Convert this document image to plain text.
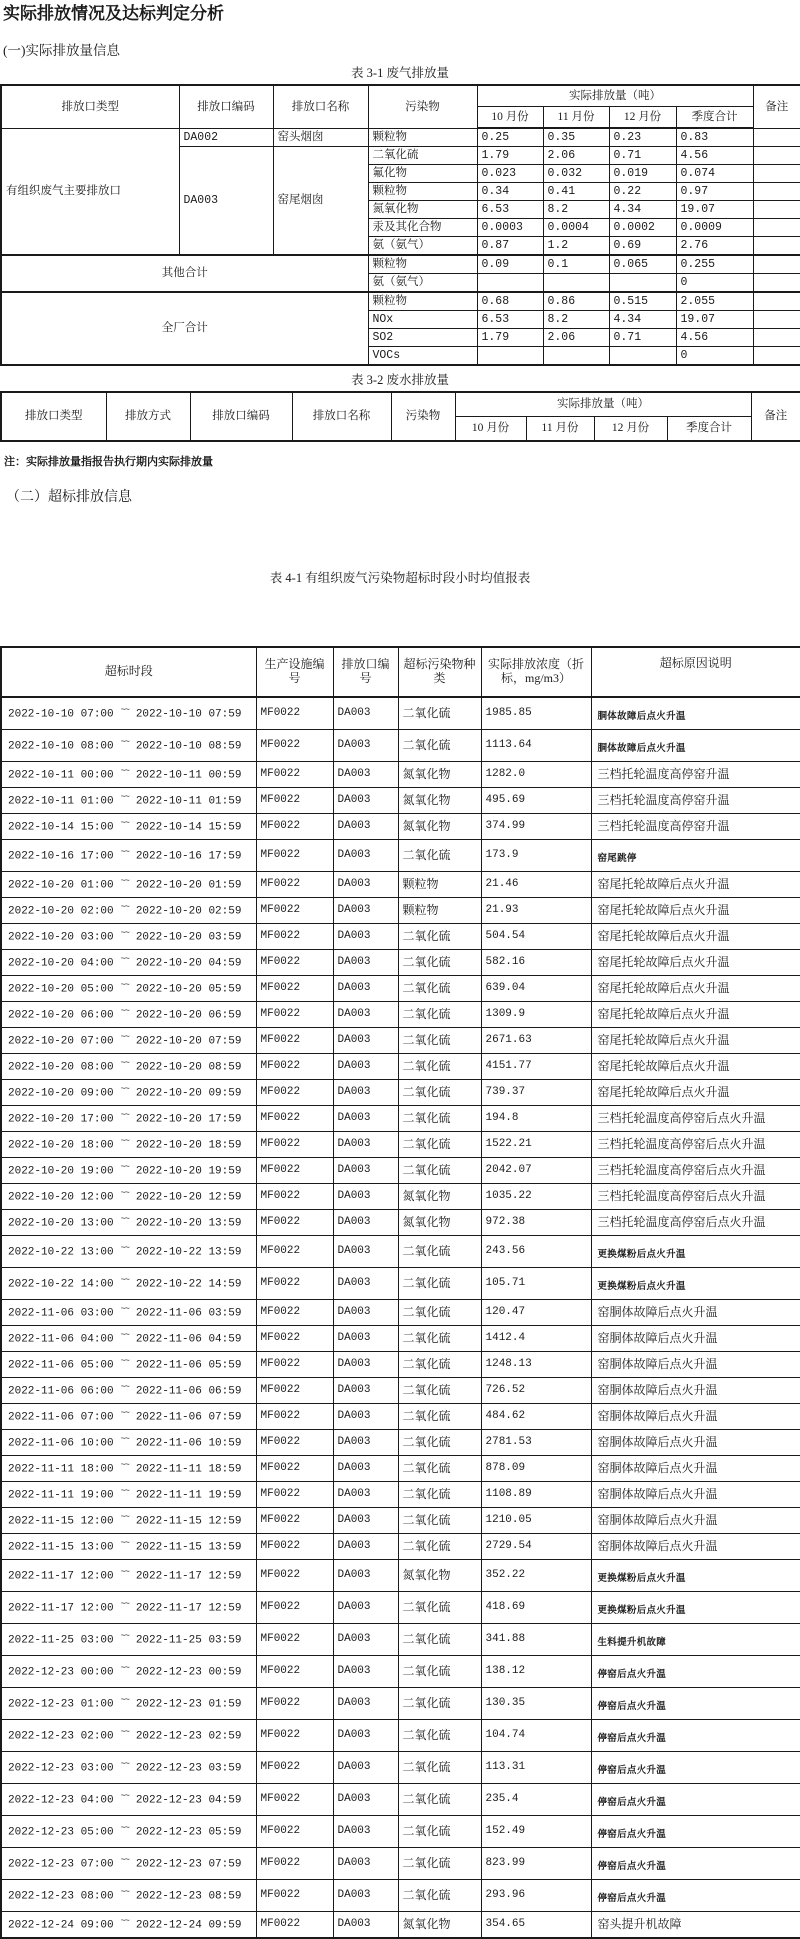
实际排放情况及达标判定分析
(一)实际排放量信息
表 3-1 废气排放量
排放口类型	排放口编码	排放口名称	污染物	实际排放量（吨）				备注
				10 月份	11 月份	12 月份	季度合计	
有组织废气主要排放口	DA002	窑头烟囱	颗粒物	0.25	0.35	0.23	0.83	
	DA003	窑尾烟囱	二氧化硫	1.79	2.06	0.71	4.56	
			氟化物	0.023	0.032	0.019	0.074	
			颗粒物	0.34	0.41	0.22	0.97	
			氮氧化物	6.53	8.2	4.34	19.07	
			汞及其化合物	0.0003	0.0004	0.0002	0.0009	
			氨（氨气）	0.87	1.2	0.69	2.76	
其他合计			颗粒物	0.09	0.1	0.065	0.255	
			氨（氨气）				0	
全厂合计			颗粒物	0.68	0.86	0.515	2.055	
			NOx	6.53	8.2	4.34	19.07	
			SO2	1.79	2.06	0.71	4.56	
			VOCs				0	
表 3-2 废水排放量
排放口类型	排放方式	排放口编码	排放口名称	污染物	实际排放量（吨）				备注
					10 月份	11 月份	12 月份	季度合计	
注：实际排放量指报告执行期内实际排放量
（二）超标排放信息
表 4-1 有组织废气污染物超标时段小时均值报表
超标时段	生产设施编号	排放口编号	超标污染物种类	实际排放浓度（折标，mg/m3）	超标原因说明
2022-10-10 07:00 ~~ 2022-10-10 07:59	MF0022	DA003	二氧化硫	1985.85	胴体故障后点火升温
2022-10-10 08:00 ~~ 2022-10-10 08:59	MF0022	DA003	二氧化硫	1113.64	胴体故障后点火升温
2022-10-11 00:00 ~~ 2022-10-11 00:59	MF0022	DA003	氮氧化物	1282.0	三档托轮温度高停窑升温
2022-10-11 01:00 ~~ 2022-10-11 01:59	MF0022	DA003	氮氧化物	495.69	三档托轮温度高停窑升温
2022-10-14 15:00 ~~ 2022-10-14 15:59	MF0022	DA003	氮氧化物	374.99	三档托轮温度高停窑升温
2022-10-16 17:00 ~~ 2022-10-16 17:59	MF0022	DA003	二氧化硫	173.9	窑尾跳停
2022-10-20 01:00 ~~ 2022-10-20 01:59	MF0022	DA003	颗粒物	21.46	窑尾托轮故障后点火升温
2022-10-20 02:00 ~~ 2022-10-20 02:59	MF0022	DA003	颗粒物	21.93	窑尾托轮故障后点火升温
2022-10-20 03:00 ~~ 2022-10-20 03:59	MF0022	DA003	二氧化硫	504.54	窑尾托轮故障后点火升温
2022-10-20 04:00 ~~ 2022-10-20 04:59	MF0022	DA003	二氧化硫	582.16	窑尾托轮故障后点火升温
2022-10-20 05:00 ~~ 2022-10-20 05:59	MF0022	DA003	二氧化硫	639.04	窑尾托轮故障后点火升温
2022-10-20 06:00 ~~ 2022-10-20 06:59	MF0022	DA003	二氧化硫	1309.9	窑尾托轮故障后点火升温
2022-10-20 07:00 ~~ 2022-10-20 07:59	MF0022	DA003	二氧化硫	2671.63	窑尾托轮故障后点火升温
2022-10-20 08:00 ~~ 2022-10-20 08:59	MF0022	DA003	二氧化硫	4151.77	窑尾托轮故障后点火升温
2022-10-20 09:00 ~~ 2022-10-20 09:59	MF0022	DA003	二氧化硫	739.37	窑尾托轮故障后点火升温
2022-10-20 17:00 ~~ 2022-10-20 17:59	MF0022	DA003	二氧化硫	194.8	三档托轮温度高停窑后点火升温
2022-10-20 18:00 ~~ 2022-10-20 18:59	MF0022	DA003	二氧化硫	1522.21	三档托轮温度高停窑后点火升温
2022-10-20 19:00 ~~ 2022-10-20 19:59	MF0022	DA003	二氧化硫	2042.07	三档托轮温度高停窑后点火升温
2022-10-20 12:00 ~~ 2022-10-20 12:59	MF0022	DA003	氮氧化物	1035.22	三档托轮温度高停窑后点火升温
2022-10-20 13:00 ~~ 2022-10-20 13:59	MF0022	DA003	氮氧化物	972.38	三档托轮温度高停窑后点火升温
2022-10-22 13:00 ~~ 2022-10-22 13:59	MF0022	DA003	二氧化硫	243.56	更换煤粉后点火升温
2022-10-22 14:00 ~~ 2022-10-22 14:59	MF0022	DA003	二氧化硫	105.71	更换煤粉后点火升温
2022-11-06 03:00 ~~ 2022-11-06 03:59	MF0022	DA003	二氧化硫	120.47	窑胴体故障后点火升温
2022-11-06 04:00 ~~ 2022-11-06 04:59	MF0022	DA003	二氧化硫	1412.4	窑胴体故障后点火升温
2022-11-06 05:00 ~~ 2022-11-06 05:59	MF0022	DA003	二氧化硫	1248.13	窑胴体故障后点火升温
2022-11-06 06:00 ~~ 2022-11-06 06:59	MF0022	DA003	二氧化硫	726.52	窑胴体故障后点火升温
2022-11-06 07:00 ~~ 2022-11-06 07:59	MF0022	DA003	二氧化硫	484.62	窑胴体故障后点火升温
2022-11-06 10:00 ~~ 2022-11-06 10:59	MF0022	DA003	二氧化硫	2781.53	窑胴体故障后点火升温
2022-11-11 18:00 ~~ 2022-11-11 18:59	MF0022	DA003	二氧化硫	878.09	窑胴体故障后点火升温
2022-11-11 19:00 ~~ 2022-11-11 19:59	MF0022	DA003	二氧化硫	1108.89	窑胴体故障后点火升温
2022-11-15 12:00 ~~ 2022-11-15 12:59	MF0022	DA003	二氧化硫	1210.05	窑胴体故障后点火升温
2022-11-15 13:00 ~~ 2022-11-15 13:59	MF0022	DA003	二氧化硫	2729.54	窑胴体故障后点火升温
2022-11-17 12:00 ~~ 2022-11-17 12:59	MF0022	DA003	氮氧化物	352.22	更换煤粉后点火升温
2022-11-17 12:00 ~~ 2022-11-17 12:59	MF0022	DA003	二氧化硫	418.69	更换煤粉后点火升温
2022-11-25 03:00 ~~ 2022-11-25 03:59	MF0022	DA003	二氧化硫	341.88	生料提升机故障
2022-12-23 00:00 ~~ 2022-12-23 00:59	MF0022	DA003	二氧化硫	138.12	停窑后点火升温
2022-12-23 01:00 ~~ 2022-12-23 01:59	MF0022	DA003	二氧化硫	130.35	停窑后点火升温
2022-12-23 02:00 ~~ 2022-12-23 02:59	MF0022	DA003	二氧化硫	104.74	停窑后点火升温
2022-12-23 03:00 ~~ 2022-12-23 03:59	MF0022	DA003	二氧化硫	113.31	停窑后点火升温
2022-12-23 04:00 ~~ 2022-12-23 04:59	MF0022	DA003	二氧化硫	235.4	停窑后点火升温
2022-12-23 05:00 ~~ 2022-12-23 05:59	MF0022	DA003	二氧化硫	152.49	停窑后点火升温
2022-12-23 07:00 ~~ 2022-12-23 07:59	MF0022	DA003	二氧化硫	823.99	停窑后点火升温
2022-12-23 08:00 ~~ 2022-12-23 08:59	MF0022	DA003	二氧化硫	293.96	停窑后点火升温
2022-12-24 09:00 ~~ 2022-12-24 09:59	MF0022	DA003	氮氧化物	354.65	窑头提升机故障
